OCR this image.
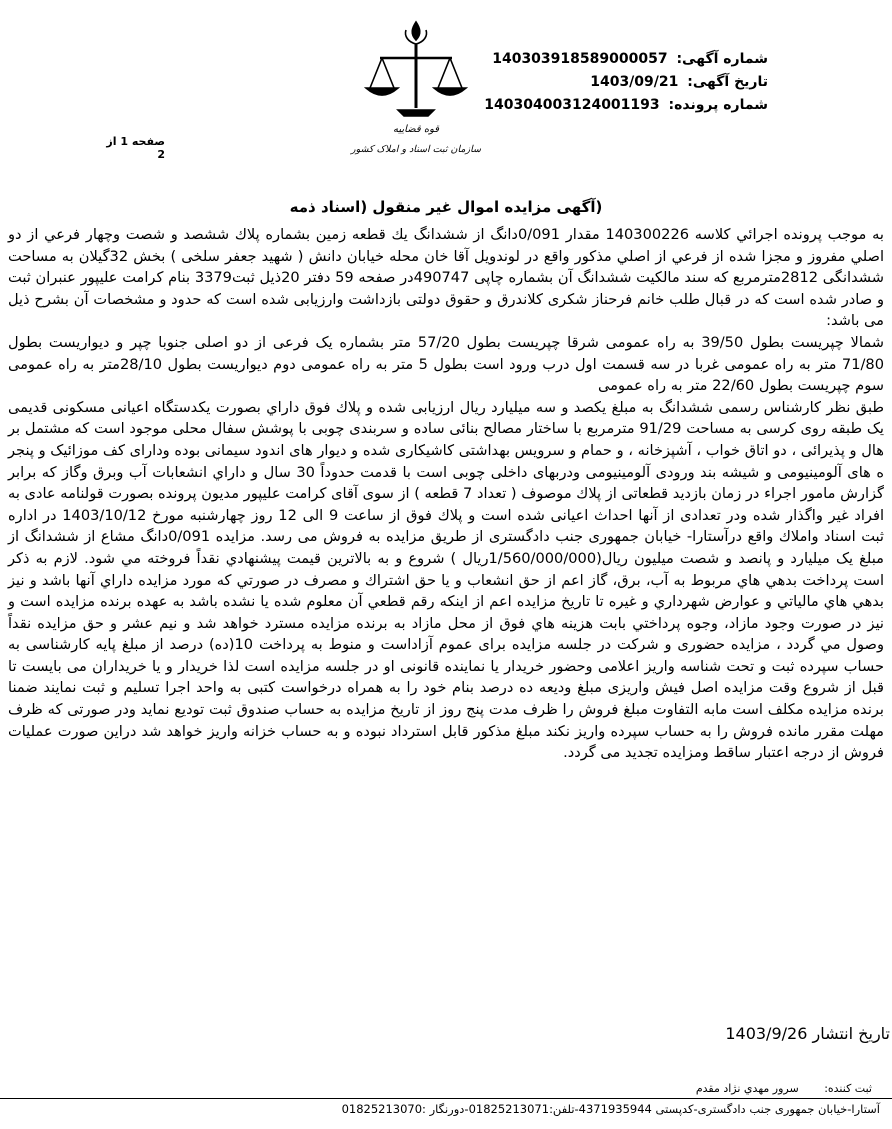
شماره آگهی: 140303918589000057
تاریخ آگهی: 1403/09/21
شماره پرونده: 140304003124001193
قوه قضاییه
سازمان ثبت اسناد و املاک کشور
صفحه 1 از 2
(آگهی مزایده اموال غیر منقول (اسناد ذمه

به موجب پرونده اجرائي كلاسه 140300226 مقدار 0/091دانگ از ششدانگ يك قطعه زمين بشماره پلاك ششصد و شصت وچهار فرعي از دو اصلي مفروز و مجزا شده از فرعي از اصلي مذكور واقع در لوندويل آقا خان محله خيابان دانش ( شهيد جعفر سلخی ) بخش 32گيلان به مساحت ششدانگی 2812مترمربع كه سند مالكيت ششدانگ آن بشماره چاپی 490747در صفحه 59 دفتر 20ذيل ثبت3379 بنام كرامت عليپور عنبران ثبت و صادر شده است كه در قبال طلب خانم فرحناز شكری كلاندرق و حقوق دولتی بازداشت وارزيابی شده است كه حدود و مشخصات آن بشرح ذيل می باشد:

شمالا چپريست بطول 39/50 به راه عمومی شرقا چپريست بطول 57/20 متر بشماره يک فرعی از دو اصلی جنوبا چپر و ديواريست بطول 71/80 متر به راه عمومی غربا در سه قسمت اول درب ورود است بطول 5 متر به راه عمومی دوم ديواريست بطول 28/10متر به راه عمومی سوم چپريست بطول 22/60 متر به راه عمومی

طبق نظر كارشناس رسمی ششدانگ به مبلغ يكصد و سه ميليارد ريال ارزيابی شده و پلاك فوق داراي بصورت يكدستگاه اعيانی مسكونی قديمی يک طبقه روی كرسی به مساحت 91/29 مترمربع با ساختار مصالح بنائی ساده و سربندی چوبی با پوشش سفال محلی موجود است كه مشتمل بر هال و پذيرائی ، دو اتاق خواب ، آشپزخانه ، و حمام و سرويس بهداشتی كاشيكاری شده و ديوار های اندود سيمانی بوده ودارای كف موزائيک و پنجر ه های آلومينيومی و شيشه بند ورودی آلومينيومی ودربهای داخلی چوبی است با قدمت حدوداً 30 سال و داراي انشعابات آب وبرق وگاز كه برابر گزارش مامور اجراء در زمان بازديد قطعاتی از پلاك موصوف ( تعداد 7 قطعه ) از سوی آقای كرامت عليپور مديون پرونده بصورت قولنامه عادی به افراد غير واگذار شده ودر تعدادی از آنها احداث اعيانی شده است و پلاك فوق از ساعت 9 الی 12 روز چهارشنبه مورخ 1403/10/12 در اداره ثبت اسناد واملاك واقع درآستارا- خيابان جمهوری جنب دادگستری از طريق مزايده به فروش می رسد. مزايده 0/091دانگ مشاع از ششدانگ از مبلغ يک ميليارد و پانصد و شصت ميليون ريال(1/560/000/000ريال ) شروع و به بالاترين قيمت پيشنهادي نقداً فروخته مي شود. لازم به ذكر است پرداخت بدهي هاي مربوط به آب، برق، گاز اعم از حق انشعاب و يا حق اشتراك و مصرف در صورتي كه مورد مزايده داراي آنها باشد و نيز بدهي هاي مالياتي و عوارض شهرداري و غيره تا تاريخ مزايده اعم از اينكه رقم قطعي آن معلوم شده يا نشده باشد به عهده برنده مزايده است و نيز در صورت وجود مازاد، وجوه پرداختي بابت هزينه هاي فوق از محل مازاد به برنده مزايده مسترد خواهد شد و نيم عشر و حق مزايده نقداً وصول مي گردد ، مزايده حضوری و شركت در جلسه مزايده برای عموم آزاداست و منوط به پرداخت 10(ده) درصد از مبلغ پايه كارشناسی به حساب سپرده ثبت و تحت شناسه واريز اعلامی وحضور خريدار يا نماينده قانونی او در جلسه مزايده است لذا خريدار و يا خريداران می بايست تا قبل از شروع وقت مزايده اصل فيش واريزی مبلغ وديعه ده درصد بنام خود را به همراه درخواست كتبی به واحد اجرا تسليم و ثبت نمايند ضمنا برنده مزايده مكلف است مابه التفاوت مبلغ فروش را ظرف مدت پنج روز از تاريخ مزايده به حساب صندوق ثبت توديع نمايد ودر صورتی كه ظرف مهلت مقرر مانده فروش را به حساب سپرده واريز نكند مبلغ مذكور قابل استرداد نبوده و به حساب خزانه واريز خواهد شد دراين صورت عمليات فروش از درجه اعتبار ساقط ومزايده تجديد می گردد.

تاریخ انتشار 1403/9/26
ثبت كننده: سرور مهدي نژاد مقدم
آستارا-خیابان جمهوری جنب دادگستری-کدپستی 4371935944-تلفن:01825213071-دورنگار :01825213070
